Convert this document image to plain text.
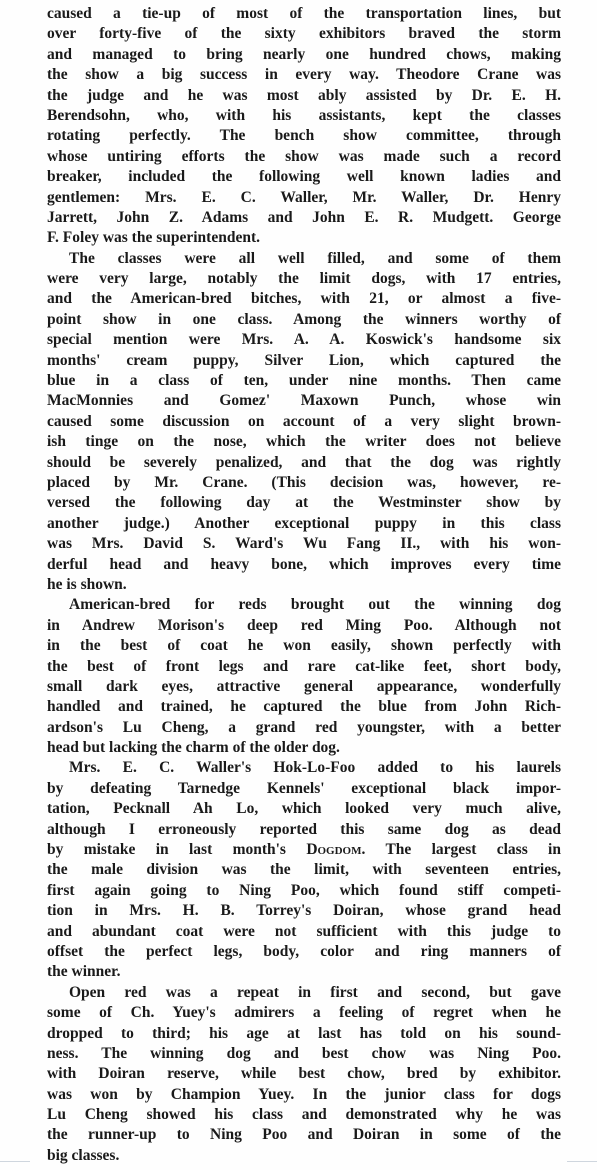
caused a tie-up of most of the transportation lines, but
over forty-five of the sixty exhibitors braved the storm
and managed to bring nearly one hundred chows, making
the show a big success in every way. Theodore Crane was
the judge and he was most ably assisted by Dr. E. H.
Berendsohn, who, with his assistants, kept the classes
rotating perfectly. The bench show committee, through
whose untiring efforts the show was made such a record
breaker, included the following well known ladies and
gentlemen: Mrs. E. C. Waller, Mr. Waller, Dr. Henry
Jarrett, John Z. Adams and John E. R. Mudgett. George
F. Foley was the superintendent.
The classes were all well filled, and some of them
were very large, notably the limit dogs, with 17 entries,
and the American-bred bitches, with 21, or almost a five-
point show in one class. Among the winners worthy of
special mention were Mrs. A. A. Koswick's handsome six
months' cream puppy, Silver Lion, which captured the
blue in a class of ten, under nine months. Then came
MacMonnies and Gomez' Maxown Punch, whose win
caused some discussion on account of a very slight brown-
ish tinge on the nose, which the writer does not believe
should be severely penalized, and that the dog was rightly
placed by Mr. Crane. (This decision was, however, re-
versed the following day at the Westminster show by
another judge.) Another exceptional puppy in this class
was Mrs. David S. Ward's Wu Fang II., with his won-
derful head and heavy bone, which improves every time
he is shown.
American-bred for reds brought out the winning dog
in Andrew Morison's deep red Ming Poo. Although not
in the best of coat he won easily, shown perfectly with
the best of front legs and rare cat-like feet, short body,
small dark eyes, attractive general appearance, wonderfully
handled and trained, he captured the blue from John Rich-
ardson's Lu Cheng, a grand red youngster, with a better
head but lacking the charm of the older dog.
Mrs. E. C. Waller's Hok-Lo-Foo added to his laurels
by defeating Tarnedge Kennels' exceptional black impor-
tation, Pecknall Ah Lo, which looked very much alive,
although I erroneously reported this same dog as dead
by mistake in last month's Dogdom. The largest class in
the male division was the limit, with seventeen entries,
first again going to Ning Poo, which found stiff competi-
tion in Mrs. H. B. Torrey's Doiran, whose grand head
and abundant coat were not sufficient with this judge to
offset the perfect legs, body, color and ring manners of
the winner.
Open red was a repeat in first and second, but gave
some of Ch. Yuey's admirers a feeling of regret when he
dropped to third; his age at last has told on his sound-
ness. The winning dog and best chow was Ning Poo.
with Doiran reserve, while best chow, bred by exhibitor.
was won by Champion Yuey. In the junior class for dogs
Lu Cheng showed his class and demonstrated why he was
the runner-up to Ning Poo and Doiran in some of the
big classes.
